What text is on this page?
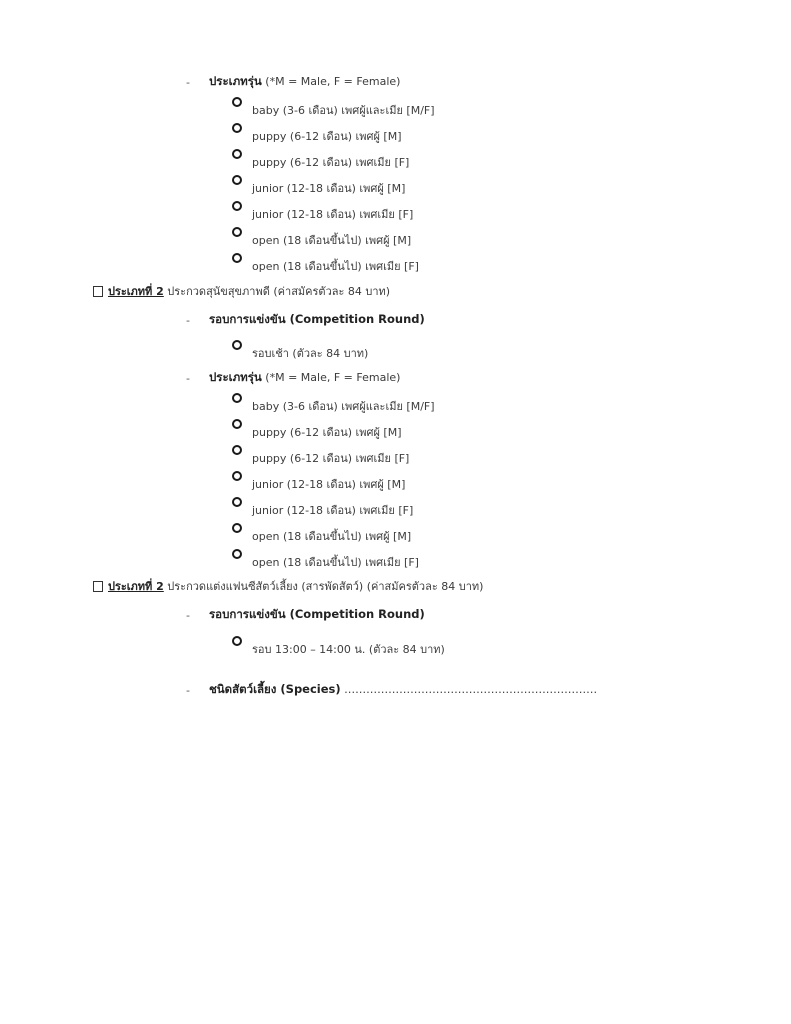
- ประเภทรุ่น (*M = Male, F = Female)
baby (3-6 เดือน) เพศผู้และเมีย [M/F]
puppy (6-12 เดือน) เพศผู้ [M]
puppy (6-12 เดือน) เพศเมีย [F]
junior (12-18 เดือน) เพศผู้ [M]
junior (12-18 เดือน) เพศเมีย [F]
open (18 เดือนขึ้นไป) เพศผู้ [M]
open (18 เดือนขึ้นไป) เพศเมีย [F]
ประเภทที่ 2 ประกวดสุนัขสุขภาพดี (ค่าสมัครตัวละ 84 บาท)
- รอบการแข่งขัน (Competition Round)
รอบเช้า (ตัวละ 84 บาท)
- ประเภทรุ่น (*M = Male, F = Female)
baby (3-6 เดือน) เพศผู้และเมีย [M/F]
puppy (6-12 เดือน) เพศผู้ [M]
puppy (6-12 เดือน) เพศเมีย [F]
junior (12-18 เดือน) เพศผู้ [M]
junior (12-18 เดือน) เพศเมีย [F]
open (18 เดือนขึ้นไป) เพศผู้ [M]
open (18 เดือนขึ้นไป) เพศเมีย [F]
ประเภทที่ 2 ประกวดแต่งแฟนซีสัตว์เลี้ยง (สารพัดสัตว์) (ค่าสมัครตัวละ 84 บาท)
- รอบการแข่งขัน (Competition Round)
รอบ 13:00 – 14:00 น. (ตัวละ 84 บาท)
- ชนิดสัตว์เลี้ยง (Species) ……………………………………………………………
